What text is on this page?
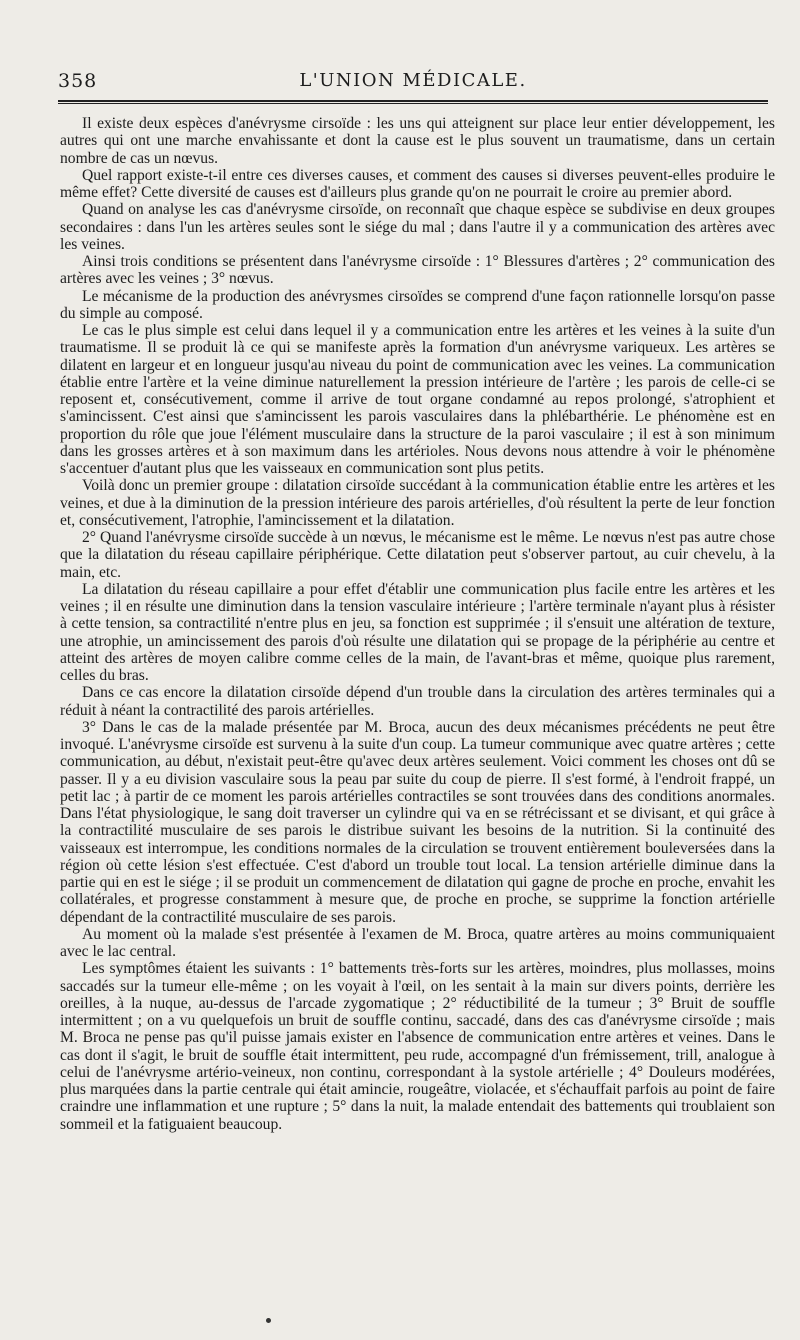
358	L'UNION MÉDICALE.

Il existe deux espèces d'anévrysme cirsoïde : les uns qui atteignent sur place leur entier développement, les autres qui ont une marche envahissante et dont la cause est le plus souvent un traumatisme, dans un certain nombre de cas un nœvus.

Quel rapport existe-t-il entre ces diverses causes, et comment des causes si diverses peuvent-elles produire le même effet? Cette diversité de causes est d'ailleurs plus grande qu'on ne pourrait le croire au premier abord.

Quand on analyse les cas d'anévrysme cirsoïde, on reconnaît que chaque espèce se subdivise en deux groupes secondaires : dans l'un les artères seules sont le siége du mal ; dans l'autre il y a communication des artères avec les veines.

Ainsi trois conditions se présentent dans l'anévrysme cirsoïde : 1° Blessures d'artères ; 2° communication des artères avec les veines ; 3° nœvus.

Le mécanisme de la production des anévrysmes cirsoïdes se comprend d'une façon rationnelle lorsqu'on passe du simple au composé.

Le cas le plus simple est celui dans lequel il y a communication entre les artères et les veines à la suite d'un traumatisme. Il se produit là ce qui se manifeste après la formation d'un anévrysme variqueux. Les artères se dilatent en largeur et en longueur jusqu'au niveau du point de communication avec les veines. La communication établie entre l'artère et la veine diminue naturellement la pression intérieure de l'artère ; les parois de celle-ci se reposent et, consécutivement, comme il arrive de tout organe condamné au repos prolongé, s'atrophient et s'amincissent. C'est ainsi que s'amincissent les parois vasculaires dans la phlébarthérie. Le phénomène est en proportion du rôle que joue l'élément musculaire dans la structure de la paroi vasculaire ; il est à son minimum dans les grosses artères et à son maximum dans les artérioles. Nous devons nous attendre à voir le phénomène s'accentuer d'autant plus que les vaisseaux en communication sont plus petits.

Voilà donc un premier groupe : dilatation cirsoïde succédant à la communication établie entre les artères et les veines, et due à la diminution de la pression intérieure des parois artérielles, d'où résultent la perte de leur fonction et, consécutivement, l'atrophie, l'amincissement et la dilatation.

2° Quand l'anévrysme cirsoïde succède à un nœvus, le mécanisme est le même. Le nœvus n'est pas autre chose que la dilatation du réseau capillaire périphérique. Cette dilatation peut s'observer partout, au cuir chevelu, à la main, etc.

La dilatation du réseau capillaire a pour effet d'établir une communication plus facile entre les artères et les veines ; il en résulte une diminution dans la tension vasculaire intérieure ; l'artère terminale n'ayant plus à résister à cette tension, sa contractilité n'entre plus en jeu, sa fonction est supprimée ; il s'ensuit une altération de texture, une atrophie, un amincissement des parois d'où résulte une dilatation qui se propage de la périphérie au centre et atteint des artères de moyen calibre comme celles de la main, de l'avant-bras et même, quoique plus rarement, celles du bras.

Dans ce cas encore la dilatation cirsoïde dépend d'un trouble dans la circulation des artères terminales qui a réduit à néant la contractilité des parois artérielles.

3° Dans le cas de la malade présentée par M. Broca, aucun des deux mécanismes précédents ne peut être invoqué. L'anévrysme cirsoïde est survenu à la suite d'un coup. La tumeur communique avec quatre artères ; cette communication, au début, n'existait peut-être qu'avec deux artères seulement. Voici comment les choses ont dû se passer. Il y a eu division vasculaire sous la peau par suite du coup de pierre. Il s'est formé, à l'endroit frappé, un petit lac ; à partir de ce moment les parois artérielles contractiles se sont trouvées dans des conditions anormales. Dans l'état physiologique, le sang doit traverser un cylindre qui va en se rétrécissant et se divisant, et qui grâce à la contractilité musculaire de ses parois le distribue suivant les besoins de la nutrition. Si la continuité des vaisseaux est interrompue, les conditions normales de la circulation se trouvent entièrement bouleversées dans la région où cette lésion s'est effectuée. C'est d'abord un trouble tout local. La tension artérielle diminue dans la partie qui en est le siége ; il se produit un commencement de dilatation qui gagne de proche en proche, envahit les collatérales, et progresse constamment à mesure que, de proche en proche, se supprime la fonction artérielle dépendant de la contractilité musculaire de ses parois.

Au moment où la malade s'est présentée à l'examen de M. Broca, quatre artères au moins communiquaient avec le lac central.

Les symptômes étaient les suivants : 1° battements très-forts sur les artères, moindres, plus mollasses, moins saccadés sur la tumeur elle-même ; on les voyait à l'œil, on les sentait à la main sur divers points, derrière les oreilles, à la nuque, au-dessus de l'arcade zygomatique ; 2° réductibilité de la tumeur ; 3° Bruit de souffle intermittent ; on a vu quelquefois un bruit de souffle continu, saccadé, dans des cas d'anévrysme cirsoïde ; mais M. Broca ne pense pas qu'il puisse jamais exister en l'absence de communication entre artères et veines. Dans le cas dont il s'agit, le bruit de souffle était intermittent, peu rude, accompagné d'un frémissement, trill, analogue à celui de l'anévrysme artério-veineux, non continu, correspondant à la systole artérielle ; 4° Douleurs modérées, plus marquées dans la partie centrale qui était amincie, rougeâtre, violacée, et s'échauffait parfois au point de faire craindre une inflammation et une rupture ; 5° dans la nuit, la malade entendait des battements qui troublaient son sommeil et la fatiguaient beaucoup.
